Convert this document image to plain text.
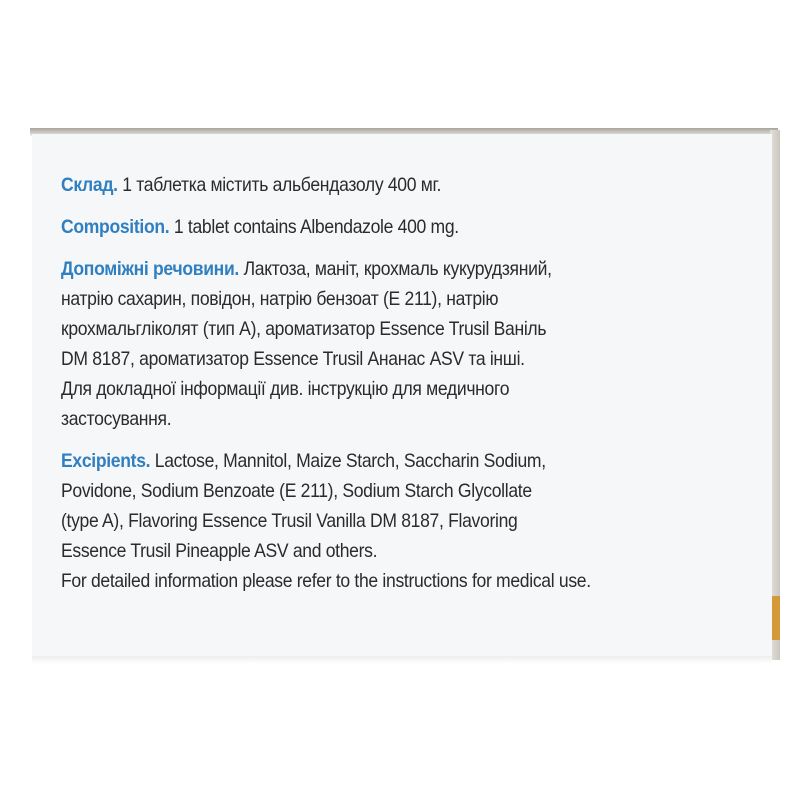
Склад. 1 таблетка містить альбендазолу 400 мг.
Composition. 1 tablet contains Albendazole 400 mg.
Допоміжні речовини. Лактоза, маніт, крохмаль кукурудзяний,
натрію сахарин, повідон, натрію бензоат (Е 211), натрію
крохмальгліколят (тип А), ароматизатор Essence Trusil Ваніль
DM 8187, ароматизатор Essence Trusil Ананас ASV та інші.
Для докладної інформації див. інструкцію для медичного
застосування.
Excipients. Lactose, Mannitol, Maize Starch, Saccharin Sodium,
Povidone, Sodium Benzoate (E 211), Sodium Starch Glycollate
(type A), Flavoring Essence Trusil Vanilla DM 8187, Flavoring
Essence Trusil Pineapple ASV and others.
For detailed information please refer to the instructions for medical use.
